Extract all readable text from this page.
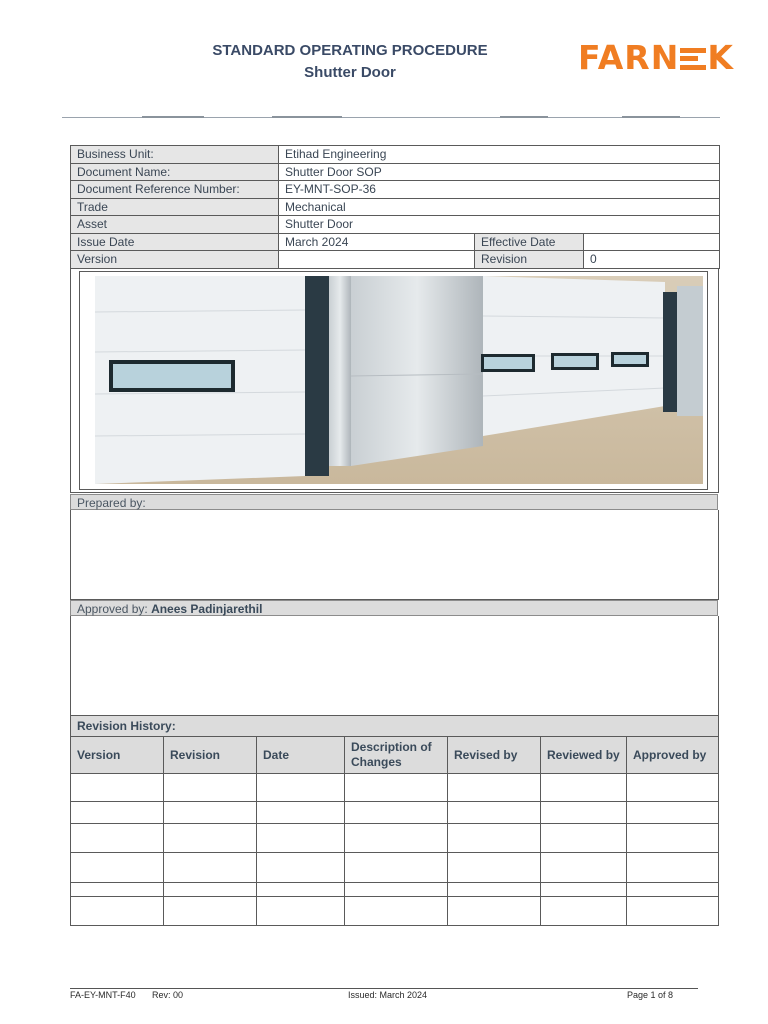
STANDARD OPERATING PROCEDURE
Shutter Door	FARN K
Business Unit:	Etihad Engineering		
Document Name:	Shutter Door SOP		
Document Reference Number:	EY-MNT-SOP-36		
Trade	Mechanical		
Asset	Shutter Door		
Issue Date	March 2024	Effective Date	
Version		Revision	0
Prepared by:
Approved by: Anees Padinjarethil
Revision History:						
Version	Revision	Date	Description of Changes	Revised by	Reviewed by	Approved by

FA-EY-MNT-F40 Rev: 00	Issued: March 2024	Page 1 of 8
